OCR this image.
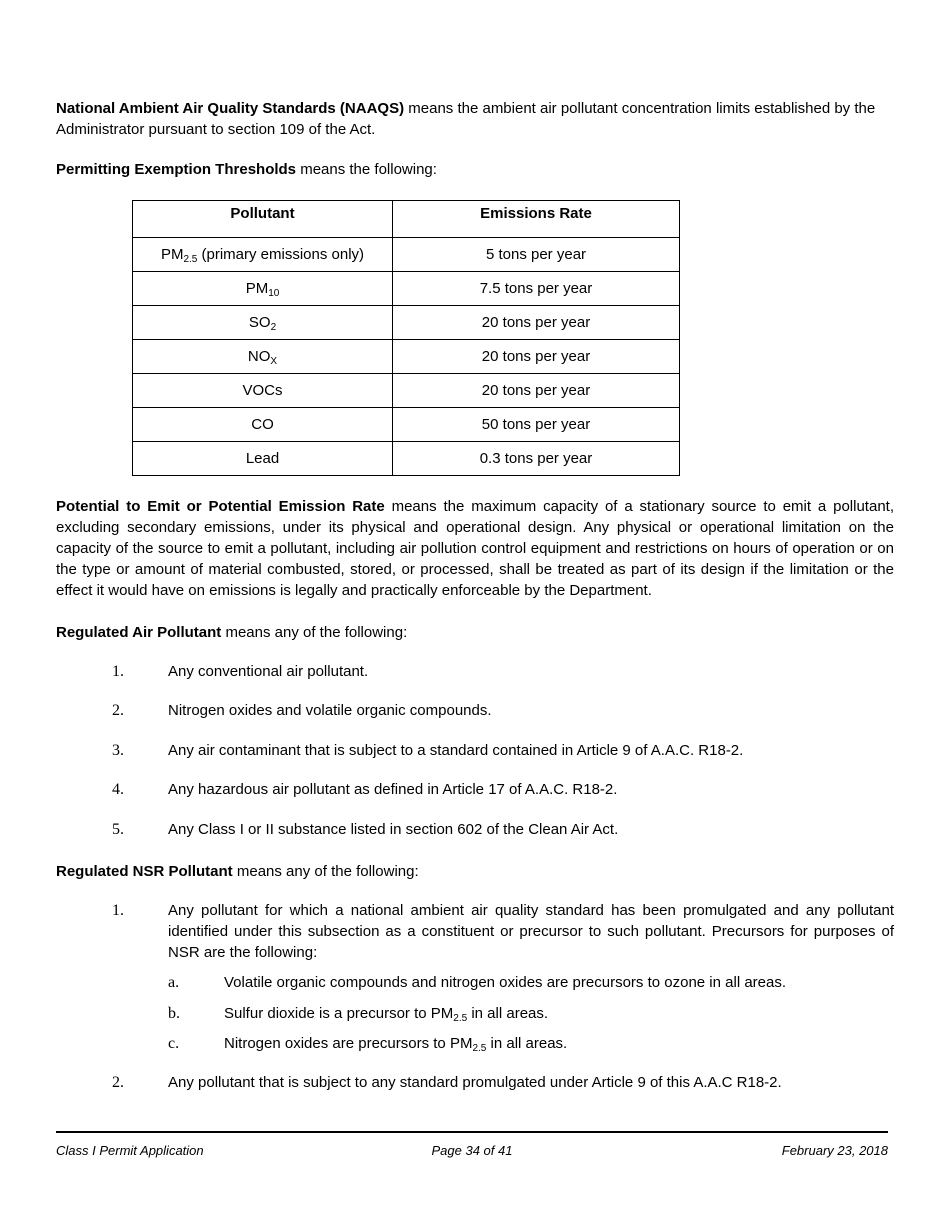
National Ambient Air Quality Standards (NAAQS) means the ambient air pollutant concentration limits established by the Administrator pursuant to section 109 of the Act.

Permitting Exemption Thresholds means the following:

Pollutant	Emissions Rate
$PM_{2.5}$ (primary emissions only)	5 tons per year
$PM_{10}$	7.5 tons per year
$SO_2$	20 tons per year
$NO_X$	20 tons per year
VOCs	20 tons per year
CO	50 tons per year
Lead	0.3 tons per year

Potential to Emit or Potential Emission Rate means the maximum capacity of a stationary source to emit a pollutant, excluding secondary emissions, under its physical and operational design. Any physical or operational limitation on the capacity of the source to emit a pollutant, including air pollution control equipment and restrictions on hours of operation or on the type or amount of material combusted, stored, or processed, shall be treated as part of its design if the limitation or the effect it would have on emissions is legally and practically enforceable by the Department.

Regulated Air Pollutant means any of the following:

1.	Any conventional air pollutant.
2.	Nitrogen oxides and volatile organic compounds.
3.	Any air contaminant that is subject to a standard contained in Article 9 of A.A.C. R18-2.
4.	Any hazardous air pollutant as defined in Article 17 of A.A.C. R18-2.
5.	Any Class I or II substance listed in section 602 of the Clean Air Act.

Regulated NSR Pollutant means any of the following:

1.	Any pollutant for which a national ambient air quality standard has been promulgated and any pollutant identified under this subsection as a constituent or precursor to such pollutant. Precursors for purposes of NSR are the following:
a.	Volatile organic compounds and nitrogen oxides are precursors to ozone in all areas.
b.	Sulfur dioxide is a precursor to $PM_{2.5}$ in all areas.
c.	Nitrogen oxides are precursors to $PM_{2.5}$ in all areas.
2.	Any pollutant that is subject to any standard promulgated under Article 9 of this A.A.C R18-2.
Page 34 of 41
Class I Permit Application	February 23, 2018
